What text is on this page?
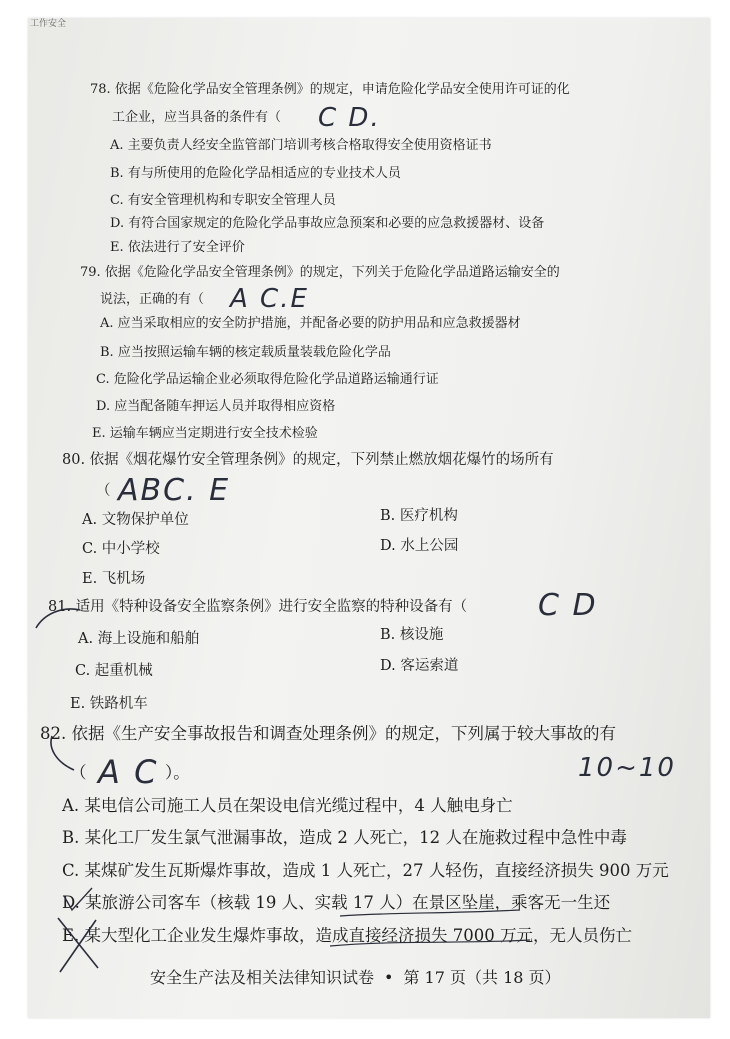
工作安全
78. 依据《危险化学品安全管理条例》的规定，申请危险化学品安全使用许可证的化
工企业，应当具备的条件有（ C D.
A. 主要负责人经安全监管部门培训考核合格取得安全使用资格证书
B. 有与所使用的危险化学品相适应的专业技术人员
C. 有安全管理机构和专职安全管理人员
D. 有符合国家规定的危险化学品事故应急预案和必要的应急救援器材、设备
E. 依法进行了安全评价
79. 依据《危险化学品安全管理条例》的规定，下列关于危险化学品道路运输安全的
说法，正确的有（ A C.E
A. 应当采取相应的安全防护措施，并配备必要的防护用品和应急救援器材
B. 应当按照运输车辆的核定载质量装载危险化学品
C. 危险化学品运输企业必须取得危险化学品道路运输通行证
D. 应当配备随车押运人员并取得相应资格
E. 运输车辆应当定期进行安全技术检验
80. 依据《烟花爆竹安全管理条例》的规定，下列禁止燃放烟花爆竹的场所有
（ ABC. E
A. 文物保护单位	B. 医疗机构
C. 中小学校	D. 水上公园
E. 飞机场
81. 适用《特种设备安全监察条例》进行安全监察的特种设备有（ C D
A. 海上设施和船舶	B. 核设施
C. 起重机械	D. 客运索道
E. 铁路机车
82. 依据《生产安全事故报告和调查处理条例》的规定，下列属于较大事故的有
（ A C ）。	10~10
A. 某电信公司施工人员在架设电信光缆过程中，4 人触电身亡
B. 某化工厂发生氯气泄漏事故，造成 2 人死亡，12 人在施救过程中急性中毒
C. 某煤矿发生瓦斯爆炸事故，造成 1 人死亡，27 人轻伤，直接经济损失 900 万元
D. 某旅游公司客车（核载 19 人、实载 17 人）在景区坠崖，乘客无一生还
E. 某大型化工企业发生爆炸事故，造成直接经济损失 7000 万元，无人员伤亡
安全生产法及相关法律知识试卷 • 第 17 页（共 18 页）
